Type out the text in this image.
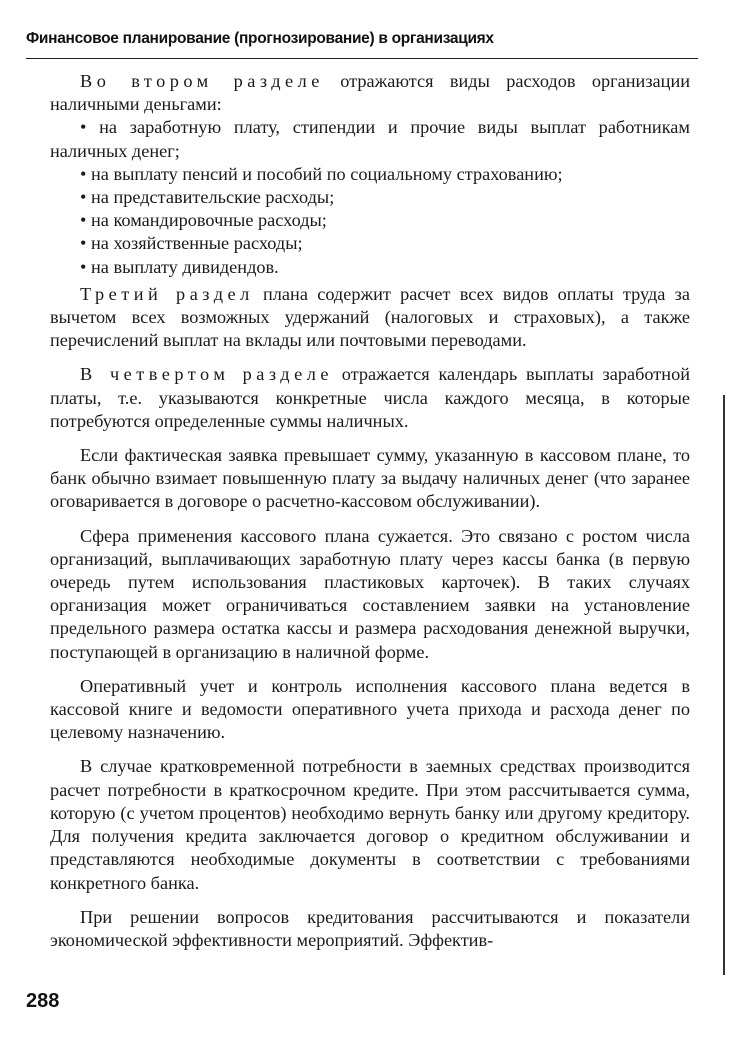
Финансовое планирование (прогнозирование) в организациях

Во втором разделе отражаются виды расходов организации наличными деньгами:

• на заработную плату, стипендии и прочие виды выплат работникам наличных денег;
• на выплату пенсий и пособий по социальному страхованию;
• на представительские расходы;
• на командировочные расходы;
• на хозяйственные расходы;
• на выплату дивидендов.

Третий раздел плана содержит расчет всех видов оплаты труда за вычетом всех возможных удержаний (налоговых и страховых), а также перечислений выплат на вклады или почтовыми переводами.

В четвертом разделе отражается календарь выплаты заработной платы, т.е. указываются конкретные числа каждого месяца, в которые потребуются определенные суммы наличных.

Если фактическая заявка превышает сумму, указанную в кассовом плане, то банк обычно взимает повышенную плату за выдачу наличных денег (что заранее оговаривается в договоре о расчетно-кассовом обслуживании).

Сфера применения кассового плана сужается. Это связано с ростом числа организаций, выплачивающих заработную плату через кассы банка (в первую очередь путем использования пластиковых карточек). В таких случаях организация может ограничиваться составлением заявки на установление предельного размера остатка кассы и размера расходования денежной выручки, поступающей в организацию в наличной форме.

Оперативный учет и контроль исполнения кассового плана ведется в кассовой книге и ведомости оперативного учета прихода и расхода денег по целевому назначению.

В случае кратковременной потребности в заемных средствах производится расчет потребности в краткосрочном кредите. При этом рассчитывается сумма, которую (с учетом процентов) необходимо вернуть банку или другому кредитору. Для получения кредита заключается договор о кредитном обслуживании и представляются необходимые документы в соответствии с требованиями конкретного банка.

При решении вопросов кредитования рассчитываются и показатели экономической эффективности мероприятий. Эффектив-

288
